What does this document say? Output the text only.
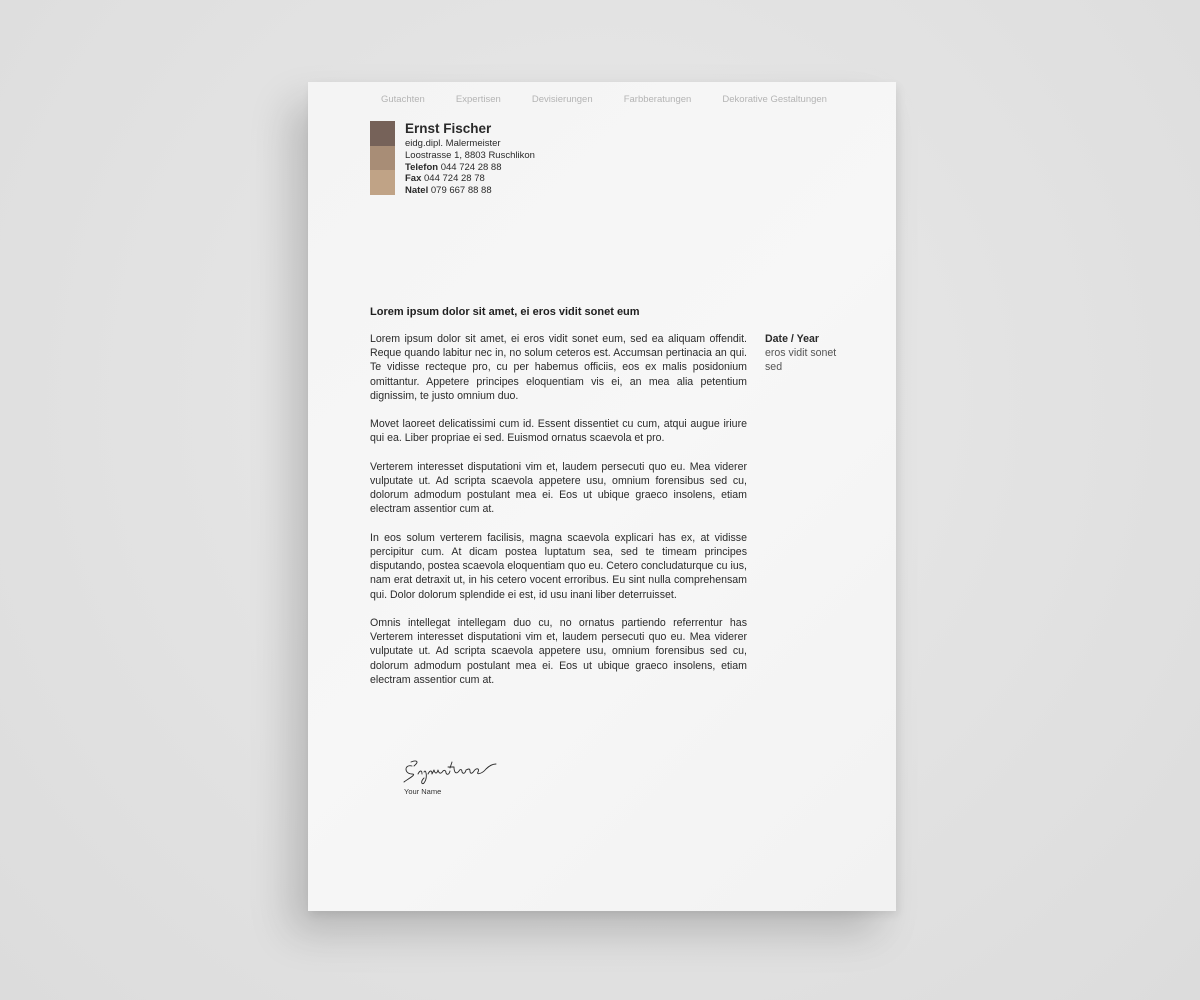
Gutachten	Expertisen	Devisierungen	Farbberatungen	Dekorative Gestaltungen
Ernst Fischer
eidg.dipl. Malermeister
Loostrasse 1, 8803 Ruschlikon
Telefon 044 724 28 88
Fax 044 724 28 78
Natel 079 667 88 88
Lorem ipsum dolor sit amet, ei eros vidit sonet eum

Lorem ipsum dolor sit amet, ei eros vidit sonet eum, sed ea aliquam offendit. Reque quando labitur nec in, no solum ceteros est. Accumsan pertinacia an qui. Te vidisse recteque pro, cu per habemus officiis, eos ex malis posidonium omittantur. Appetere principes eloquentiam vis ei, an mea alia petentium dignissim, te justo omnium duo.

Movet laoreet delicatissimi cum id. Essent dissentiet cu cum, atqui augue iriure qui ea. Liber propriae ei sed. Euismod ornatus scaevola et pro.

Verterem interesset disputationi vim et, laudem persecuti quo eu. Mea viderer vulputate ut. Ad scripta scaevola appetere usu, omnium forensibus sed cu, dolorum admodum postulant mea ei. Eos ut ubique graeco insolens, etiam electram assentior cum at.

In eos solum verterem facilisis, magna scaevola explicari has ex, at vidisse percipitur cum. At dicam postea luptatum sea, sed te timeam principes disputando, postea scaevola eloquentiam quo eu. Cetero concludaturque cu ius, nam erat detraxit ut, in his cetero vocent erroribus. Eu sint nulla comprehensam qui. Dolor dolorum splendide ei est, id usu inani liber deterruisset.

Omnis intellegat intellegam duo cu, no ornatus partiendo referrentur has Verterem interesset disputationi vim et, laudem persecuti quo eu. Mea viderer vulputate ut. Ad scripta scaevola appetere usu, omnium forensibus sed cu, dolorum admodum postulant mea ei. Eos ut ubique graeco insolens, etiam electram assentior cum at.

Date / Year
eros vidit sonet sed
Your Name
